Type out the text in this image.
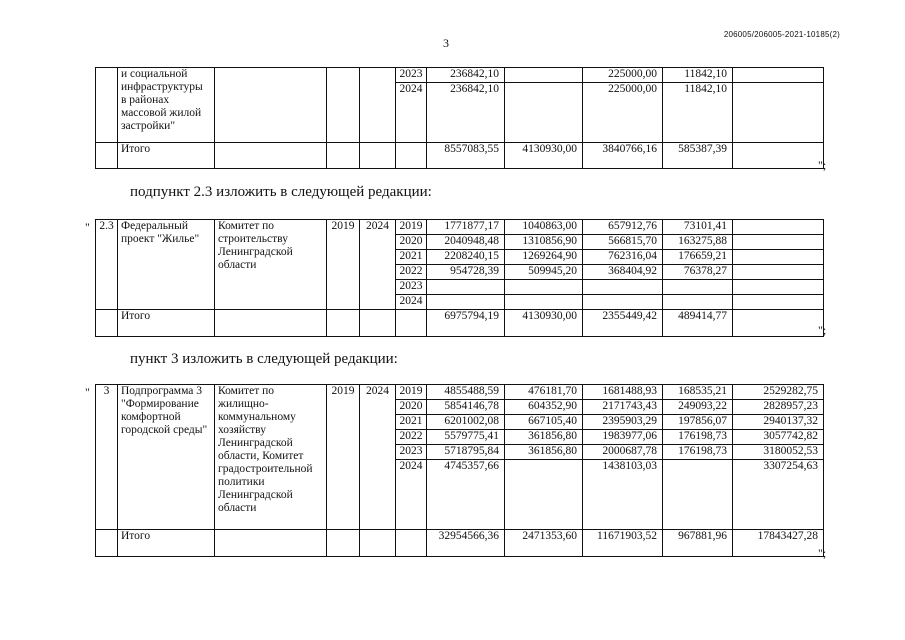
206005/206005-2021-10185(2)
3
	и социальной инфраструктуры в районах массовой жилой застройки"				2023	236842,10		225000,00	11842,10	
					2024	236842,10		225000,00	11842,10	
	Итого					8557083,55	4130930,00	3840766,16	585387,39	
";
подпункт 2.3 изложить в следующей редакции:
" 2.3	Федеральный проект "Жилье"	Комитет по строительству Ленинградской области	2019	2024	2019	1771877,17	1040863,00	657912,76	73101,41	
					2020	2040948,48	1310856,90	566815,70	163275,88	
					2021	2208240,15	1269264,90	762316,04	176659,21	
					2022	954728,39	509945,20	368404,92	76378,27	
					2023					
					2024					
	Итого					6975794,19	4130930,00	2355449,42	489414,77	
";
пункт 3 изложить в следующей редакции:
" 3	Подпрограмма 3 "Формирование комфортной городской среды"	Комитет по жилищно-коммунальному хозяйству Ленинградской области, Комитет градостроительной политики Ленинградской области	2019	2024	2019	4855488,59	476181,70	1681488,93	168535,21	2529282,75
					2020	5854146,78	604352,90	2171743,43	249093,22	2828957,23
					2021	6201002,08	667105,40	2395903,29	197856,07	2940137,32
					2022	5579775,41	361856,80	1983977,06	176198,73	3057742,82
					2023	5718795,84	361856,80	2000687,78	176198,73	3180052,53
					2024	4745357,66		1438103,03		3307254,63
	Итого					32954566,36	2471353,60	11671903,52	967881,96	17843427,28
";
